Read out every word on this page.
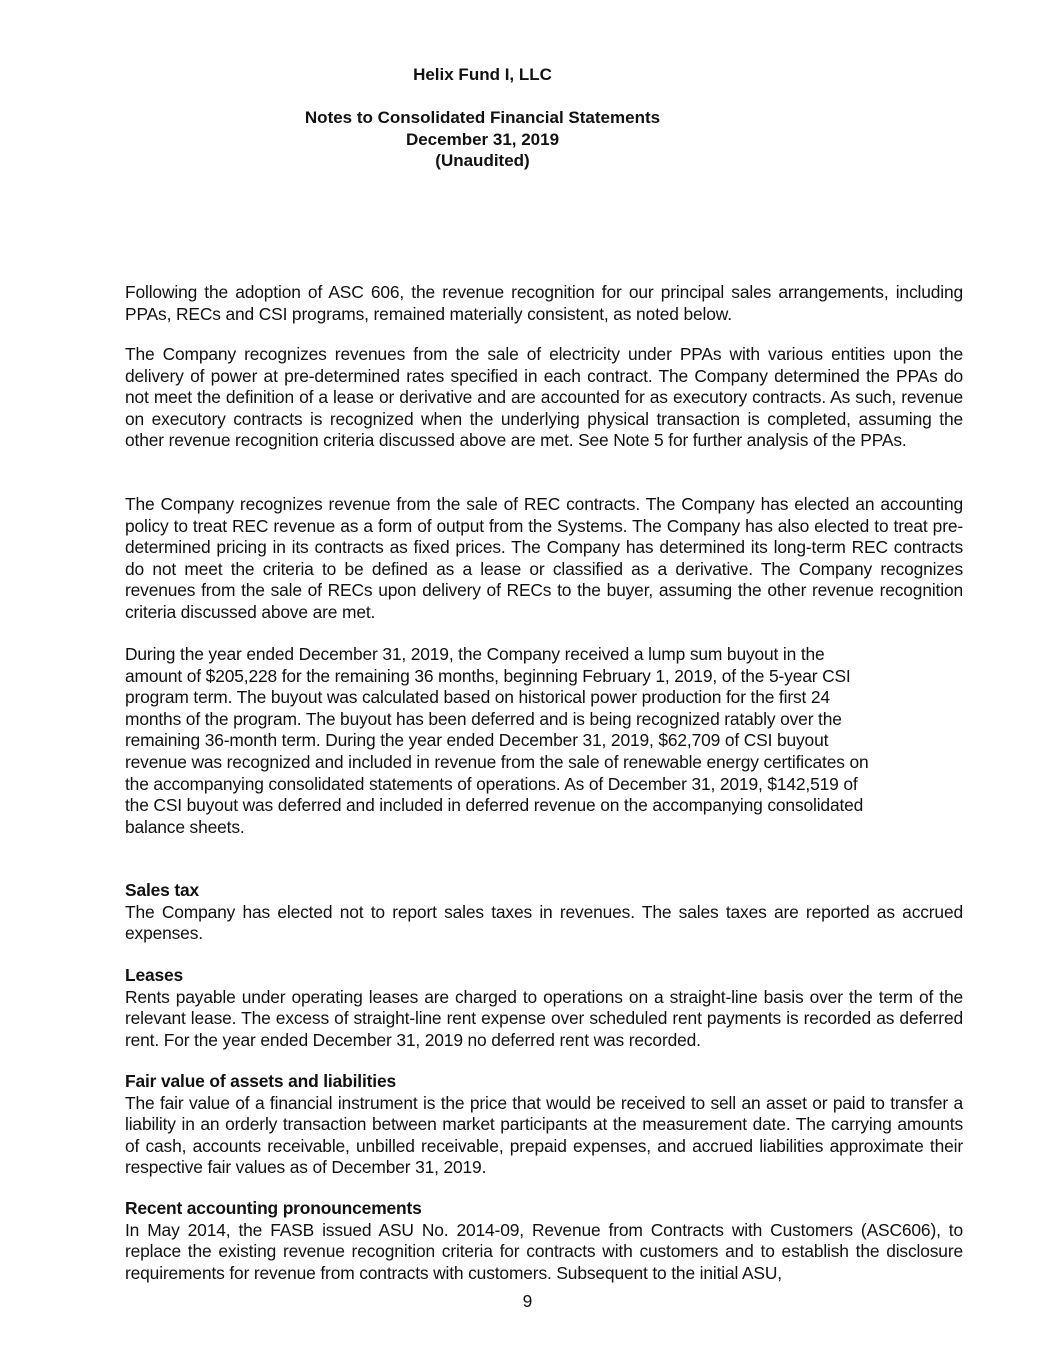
Helix Fund I, LLC
Notes to Consolidated Financial Statements
December 31, 2019
(Unaudited)

Following the adoption of ASC 606, the revenue recognition for our principal sales arrangements, including PPAs, RECs and CSI programs, remained materially consistent, as noted below.

The Company recognizes revenues from the sale of electricity under PPAs with various entities upon the delivery of power at pre-determined rates specified in each contract. The Company determined the PPAs do not meet the definition of a lease or derivative and are accounted for as executory contracts. As such, revenue on executory contracts is recognized when the underlying physical transaction is completed, assuming the other revenue recognition criteria discussed above are met. See Note 5 for further analysis of the PPAs.

The Company recognizes revenue from the sale of REC contracts. The Company has elected an accounting policy to treat REC revenue as a form of output from the Systems. The Company has also elected to treat pre-determined pricing in its contracts as fixed prices. The Company has determined its long-term REC contracts do not meet the criteria to be defined as a lease or classified as a derivative. The Company recognizes revenues from the sale of RECs upon delivery of RECs to the buyer, assuming the other revenue recognition criteria discussed above are met.

During the year ended December 31, 2019, the Company received a lump sum buyout in the
amount of $205,228 for the remaining 36 months, beginning February 1, 2019, of the 5-year CSI
program term. The buyout was calculated based on historical power production for the first 24
months of the program. The buyout has been deferred and is being recognized ratably over the
remaining 36-month term. During the year ended December 31, 2019, $62,709 of CSI buyout
revenue was recognized and included in revenue from the sale of renewable energy certificates on
the accompanying consolidated statements of operations. As of December 31, 2019, $142,519 of
the CSI buyout was deferred and included in deferred revenue on the accompanying consolidated
balance sheets.

Sales tax
The Company has elected not to report sales taxes in revenues. The sales taxes are reported as accrued expenses.
Leases
Rents payable under operating leases are charged to operations on a straight-line basis over the term of the relevant lease. The excess of straight-line rent expense over scheduled rent payments is recorded as deferred rent. For the year ended December 31, 2019 no deferred rent was recorded.
Fair value of assets and liabilities
The fair value of a financial instrument is the price that would be received to sell an asset or paid to transfer a liability in an orderly transaction between market participants at the measurement date. The carrying amounts of cash, accounts receivable, unbilled receivable, prepaid expenses, and accrued liabilities approximate their respective fair values as of December 31, 2019.
Recent accounting pronouncements
In May 2014, the FASB issued ASU No. 2014-09, Revenue from Contracts with Customers (ASC606), to replace the existing revenue recognition criteria for contracts with customers and to establish the disclosure requirements for revenue from contracts with customers. Subsequent to the initial ASU,
9
